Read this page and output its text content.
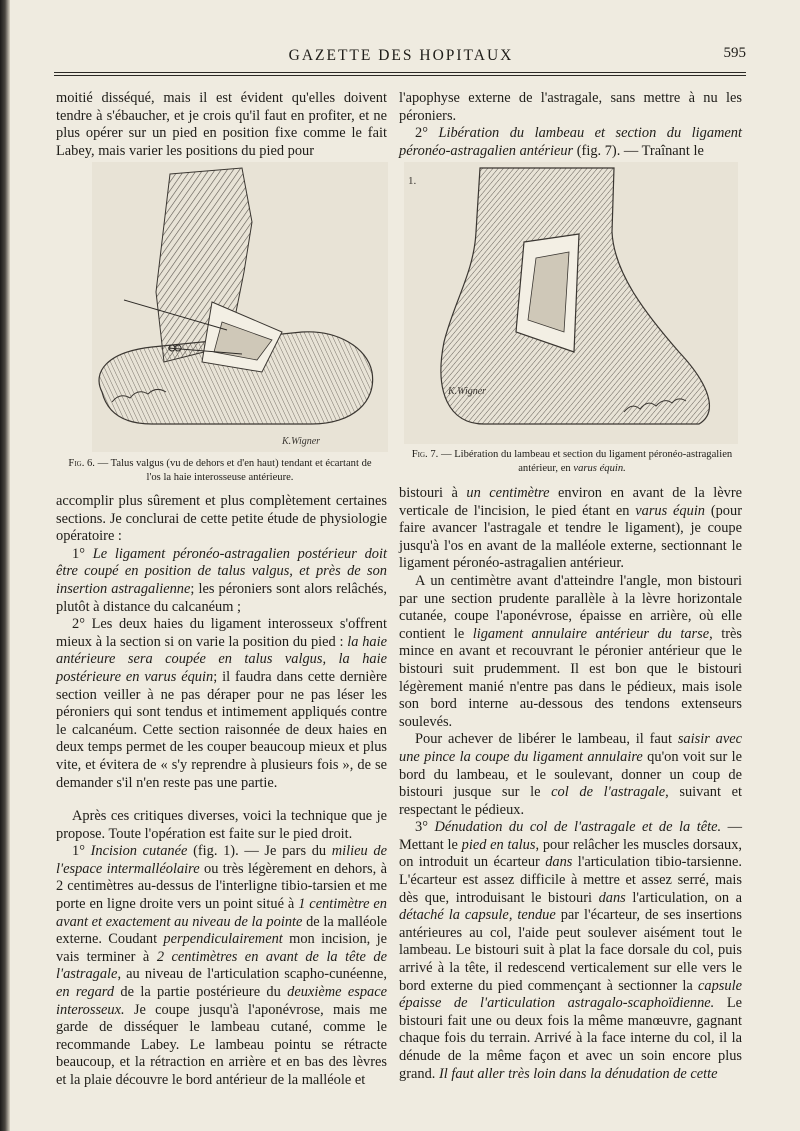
GAZETTE DES HOPITAUX	595

moitié disséqué, mais il est évident qu'elles doivent tendre à s'ébaucher, et je crois qu'il faut en profiter, et ne plus opérer sur un pied en position fixe comme le fait Labey, mais varier les positions du pied pour

K.Wigner
Fig. 6. — Talus valgus (vu de dehors et d'en haut) tendant et écartant de l'os la haie interosseuse antérieure.

accomplir plus sûrement et plus complètement certaines sections. Je conclurai de cette petite étude de physiologie opératoire :

1° Le ligament péronéo-astragalien postérieur doit être coupé en position de talus valgus, et près de son insertion astragalienne; les péroniers sont alors relâchés, plutôt à distance du calcanéum ;

2° Les deux haies du ligament interosseux s'offrent mieux à la section si on varie la position du pied : la haie antérieure sera coupée en talus valgus, la haie postérieure en varus équin; il faudra dans cette dernière section veiller à ne pas déraper pour ne pas léser les péroniers qui sont tendus et intimement appliqués contre le calcanéum. Cette section raisonnée de deux haies en deux temps permet de les couper beaucoup mieux et plus vite, et évitera de « s'y reprendre à plusieurs fois », de se demander s'il n'en reste pas une partie.

Après ces critiques diverses, voici la technique que je propose. Toute l'opération est faite sur le pied droit.

1° Incision cutanée (fig. 1). — Je pars du milieu de l'espace intermalléolaire ou très légèrement en dehors, à 2 centimètres au-dessus de l'interligne tibio-tarsien et me porte en ligne droite vers un point situé à 1 centimètre en avant et exactement au niveau de la pointe de la malléole externe. Coudant perpendiculairement mon incision, je vais terminer à 2 centimètres en avant de la tête de l'astragale, au niveau de l'articulation scapho-cunéenne, en regard de la partie postérieure du deuxième espace interosseux. Je coupe jusqu'à l'aponévrose, mais me garde de disséquer le lambeau cutané, comme le recommande Labey. Le lambeau pointu se rétracte beaucoup, et la rétraction en arrière et en bas des lèvres et la plaie découvre le bord antérieur de la malléole et

l'apophyse externe de l'astragale, sans mettre à nu les péroniers.

2° Libération du lambeau et section du ligament péronéo-astragalien antérieur (fig. 7). — Traînant le

1.
K.Wigner
Fig. 7. — Libération du lambeau et section du ligament péronéo-astragalien antérieur, en varus équin.

bistouri à un centimètre environ en avant de la lèvre verticale de l'incision, le pied étant en varus équin (pour faire avancer l'astragale et tendre le ligament), je coupe jusqu'à l'os en avant de la malléole externe, sectionnant le ligament péronéo-astragalien antérieur.

A un centimètre avant d'atteindre l'angle, mon bistouri par une section prudente parallèle à la lèvre horizontale cutanée, coupe l'aponévrose, épaisse en arrière, où elle contient le ligament annulaire antérieur du tarse, très mince en avant et recouvrant le péronier antérieur que le bistouri suit prudemment. Il est bon que le bistouri légèrement manié n'entre pas dans le pédieux, mais isole son bord interne au-dessous des tendons extenseurs soulevés.

Pour achever de libérer le lambeau, il faut saisir avec une pince la coupe du ligament annulaire qu'on voit sur le bord du lambeau, et le soulevant, donner un coup de bistouri jusque sur le col de l'astragale, suivant et respectant le pédieux.

3° Dénudation du col de l'astragale et de la tête. — Mettant le pied en talus, pour relâcher les muscles dorsaux, on introduit un écarteur dans l'articulation tibio-tarsienne. L'écarteur est assez difficile à mettre et assez serré, mais dès que, introduisant le bistouri dans l'articulation, on a détaché la capsule, tendue par l'écarteur, de ses insertions antérieures au col, l'aide peut soulever aisément tout le lambeau. Le bistouri suit à plat la face dorsale du col, puis arrivé à la tête, il redescend verticalement sur elle vers le bord externe du pied commençant à sectionner la capsule épaisse de l'articulation astragalo-scaphoïdienne. Le bistouri fait une ou deux fois la même manœuvre, gagnant chaque fois du terrain. Arrivé à la face interne du col, il la dénude de la même façon et avec un soin encore plus grand. Il faut aller très loin dans la dénudation de cette
